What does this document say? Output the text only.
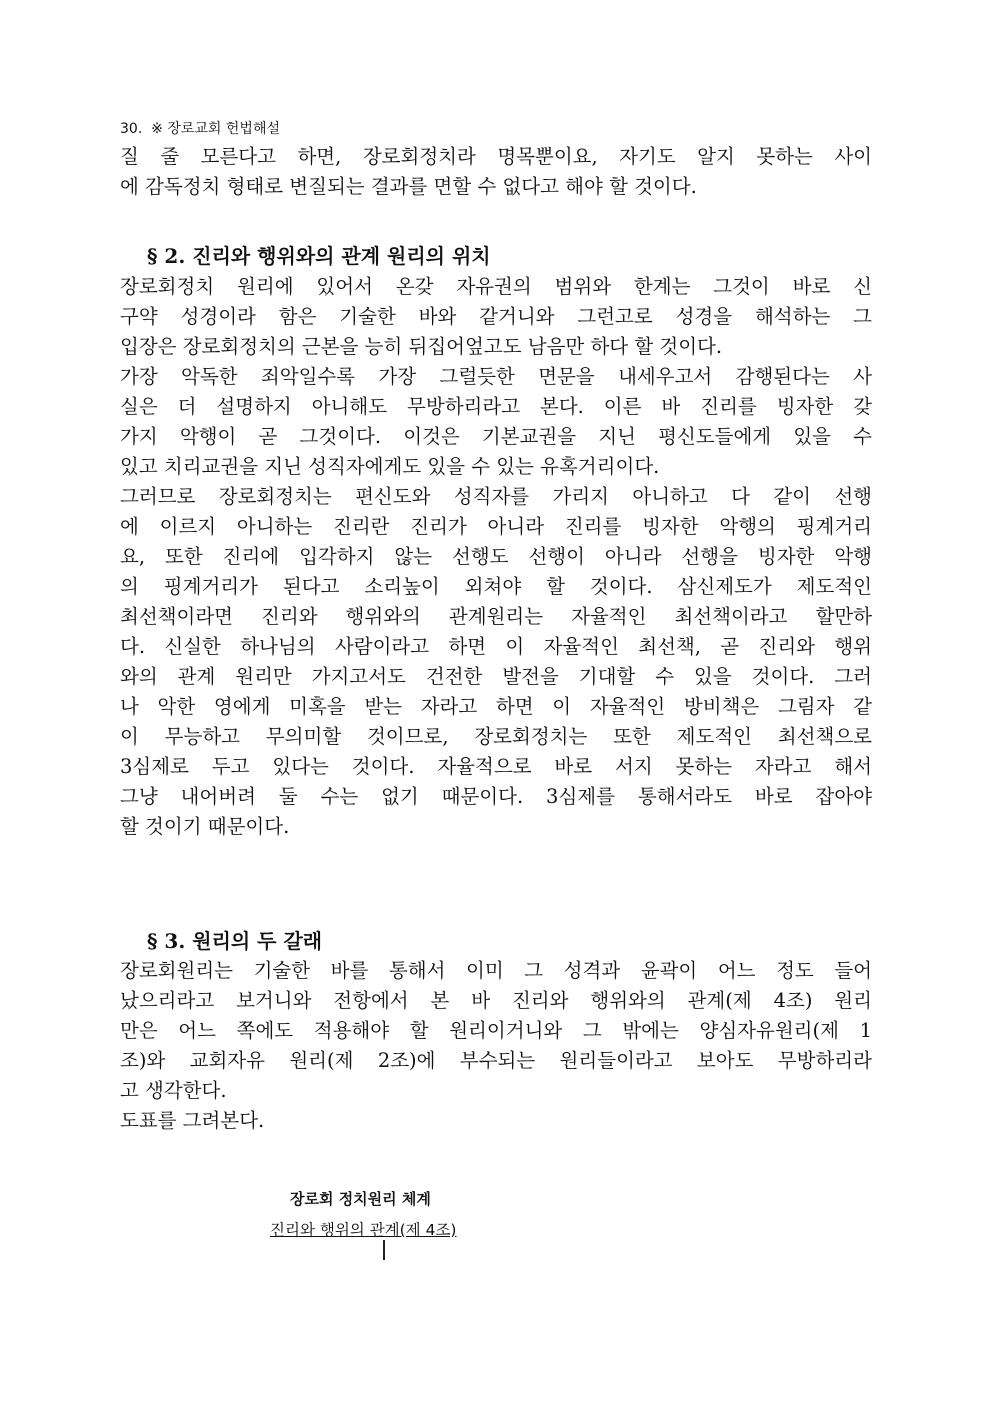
30. ※ 장로교회 헌법해설
질 줄 모른다고 하면, 장로회정치라 명목뿐이요, 자기도 알지 못하는 사이
에 감독정치 형태로 변질되는 결과를 면할 수 없다고 해야 할 것이다.
§ 2. 진리와 행위와의 관계 원리의 위치

장로회정치 원리에 있어서 온갖 자유권의 범위와 한계는 그것이 바로 신
구약 성경이라 함은 기술한 바와 같거니와 그런고로 성경을 해석하는 그
입장은 장로회정치의 근본을 능히 뒤집어엎고도 남음만 하다 할 것이다.

가장 악독한 죄악일수록 가장 그럴듯한 면문을 내세우고서 감행된다는 사
실은 더 설명하지 아니해도 무방하리라고 본다. 이른 바 진리를 빙자한 갖
가지 악행이 곧 그것이다. 이것은 기본교권을 지닌 평신도들에게 있을 수
있고 치리교권을 지닌 성직자에게도 있을 수 있는 유혹거리이다.

그러므로 장로회정치는 편신도와 성직자를 가리지 아니하고 다 같이 선행
에 이르지 아니하는 진리란 진리가 아니라 진리를 빙자한 악행의 핑계거리
요, 또한 진리에 입각하지 않는 선행도 선행이 아니라 선행을 빙자한 악행
의 핑계거리가 된다고 소리높이 외쳐야 할 것이다. 삼신제도가 제도적인
최선책이라면 진리와 행위와의 관계원리는 자율적인 최선책이라고 할만하
다. 신실한 하나님의 사람이라고 하면 이 자율적인 최선책, 곧 진리와 행위
와의 관계 원리만 가지고서도 건전한 발전을 기대할 수 있을 것이다. 그러
나 악한 영에게 미혹을 받는 자라고 하면 이 자율적인 방비책은 그림자 같
이 무능하고 무의미할 것이므로, 장로회정치는 또한 제도적인 최선책으로
3심제로 두고 있다는 것이다. 자율적으로 바로 서지 못하는 자라고 해서
그냥 내어버려 둘 수는 없기 때문이다. 3심제를 통해서라도 바로 잡아야
할 것이기 때문이다.

§ 3. 원리의 두 갈래

장로회원리는 기술한 바를 통해서 이미 그 성격과 윤곽이 어느 정도 들어
났으리라고 보거니와 전항에서 본 바 진리와 행위와의 관계(제 4조) 원리
만은 어느 쪽에도 적용해야 할 원리이거니와 그 밖에는 양심자유원리(제 1
조)와 교회자유 원리(제 2조)에 부수되는 원리들이라고 보아도 무방하리라
고 생각한다.

도표를 그려본다.

장로회 정치원리 체계
진리와 행위의 관계(제 4조)
